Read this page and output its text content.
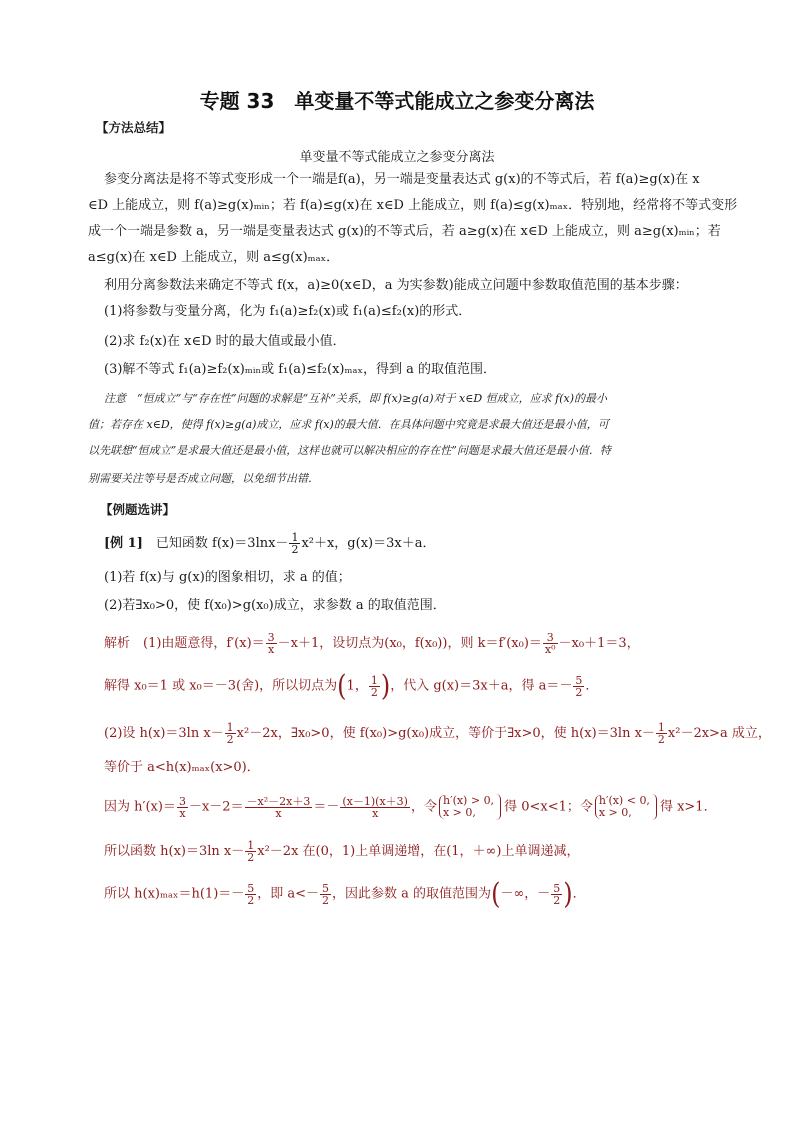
专题 33　单变量不等式能成立之参变分离法
【方法总结】
单变量不等式能成立之参变分离法
参变分离法是将不等式变形成一个一端是f(a)，另一端是变量表达式 g(x)的不等式后，若 f(a)≥g(x)在 x
∈D 上能成立，则 f(a)≥g(x)ₘᵢₙ；若 f(a)≤g(x)在 x∈D 上能成立，则 f(a)≤g(x)ₘₐₓ．特别地，经常将不等式变形
成一个一端是参数 a，另一端是变量表达式 g(x)的不等式后，若 a≥g(x)在 x∈D 上能成立，则 a≥g(x)ₘᵢₙ；若
a≤g(x)在 x∈D 上能成立，则 a≤g(x)ₘₐₓ．
利用分离参数法来确定不等式 f(x，a)≥0(x∈D，a 为实参数)能成立问题中参数取值范围的基本步骤：
(1)将参数与变量分离，化为 f₁(a)≥f₂(x)或 f₁(a)≤f₂(x)的形式．
(2)求 f₂(x)在 x∈D 时的最大值或最小值．
(3)解不等式 f₁(a)≥f₂(x)ₘᵢₙ或 f₁(a)≤f₂(x)ₘₐₓ，得到 a 的取值范围．
注意　“恒成立”与“存在性”问题的求解是“互补”关系，即 f(x)≥g(a)对于 x∈D 恒成立，应求 f(x)的最小
值；若存在 x∈D，使得 f(x)≥g(a)成立，应求 f(x)的最大值．在具体问题中究竟是求最大值还是最小值，可
以先联想“恒成立”是求最大值还是最小值，这样也就可以解决相应的存在性”问题是求最大值还是最小值．特
别需要关注等号是否成立问题，以免细节出错．
【例题选讲】
[例 1]　已知函数 $f(x)=3\ln x- \frac{1}{2} x^2+x$，g(x)＝3x＋a．
(1)若 f(x)与 g(x)的图象相切，求 a 的值；
(2)若∃x₀>0，使 f(x₀)>g(x₀)成立，求参数 a 的取值范围．
解析　(1)由题意得，$f'(x)= \frac{3}{x} -x+1$，设切点为(x₀，f(x₀))，则 $k=f'(x_0)= \frac{3}{\text{x⁰}} -x_0+1=3$，
解得 x₀＝1 或 x₀＝－3(舍)，所以切点为(1， $\frac{1}{2}$ )，代入 g(x)＝3x＋a，得 $a=- \frac{5}{2}$ ．
(2)设 h(x)＝3ln $x- \frac{1}{2} x^2-2x$，∃x₀>0，使 f(x₀)>g(x₀)成立，等价于∃x>0，使 h(x)＝3ln $x- \frac{1}{2} x^2-2x>a$ 成立，
等价于 a<h(x)ₘₐₓ(x>0)．
因为 $h'(x)= \frac{3}{x} -x-2= \frac{\text{－x²－2x＋3}}{x} =- \frac{(x-1)(x+3)}{x}$ ，令 h′(x) > 0,
x > 0,	得 0<x<1；令 h′(x) < 0,
x > 0,	得 x>1．
所以函数 h(x)＝3ln $x- \frac{1}{2} x^2-2x$ 在(0，1)上单调递增，在(1，＋∞)上单调递减，
所以 $h(x)_{max}=h(1)=- \frac{5}{2}$ ，即 $a<- \frac{5}{2}$ ，因此参数 a 的取值范围为(－∞，－ $\frac{5}{2}$ )．
